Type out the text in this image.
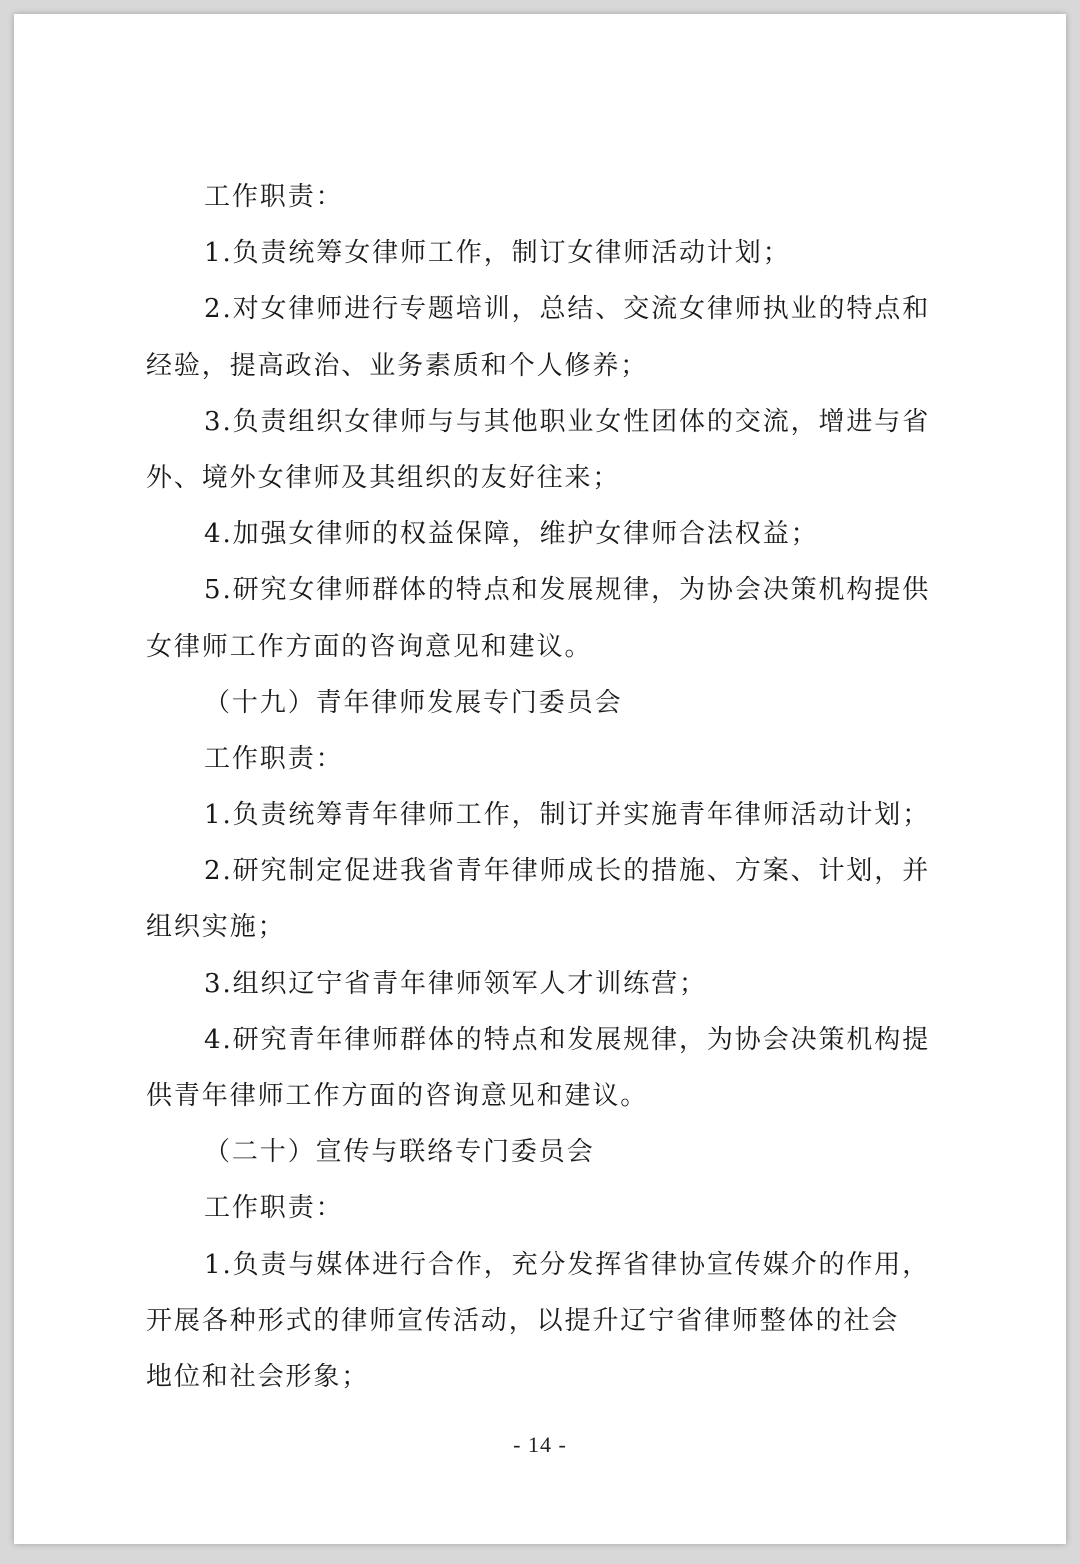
工作职责：
1.负责统筹女律师工作，制订女律师活动计划；
2.对女律师进行专题培训，总结、交流女律师执业的特点和
经验，提高政治、业务素质和个人修养；
3.负责组织女律师与与其他职业女性团体的交流，增进与省
外、境外女律师及其组织的友好往来；
4.加强女律师的权益保障，维护女律师合法权益；
5.研究女律师群体的特点和发展规律，为协会决策机构提供
女律师工作方面的咨询意见和建议。
（十九）青年律师发展专门委员会
工作职责：
1.负责统筹青年律师工作，制订并实施青年律师活动计划；
2.研究制定促进我省青年律师成长的措施、方案、计划，并
组织实施；
3.组织辽宁省青年律师领军人才训练营；
4.研究青年律师群体的特点和发展规律，为协会决策机构提
供青年律师工作方面的咨询意见和建议。
（二十）宣传与联络专门委员会
工作职责：
1.负责与媒体进行合作，充分发挥省律协宣传媒介的作用，
开展各种形式的律师宣传活动，以提升辽宁省律师整体的社会
地位和社会形象；
- 14 -
